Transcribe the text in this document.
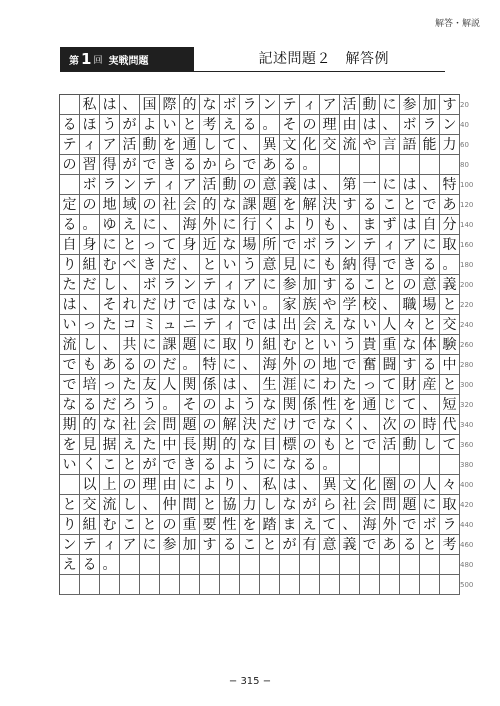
解答・解説
第 1 回 実戦問題	記述問題２　解答例
私 は 、 国 際 的 な ボ ラ ン テ ィ ア 活 動 に 参 加 す
る ほ う が よ い と 考 え る 。 そ の 理 由 は 、 ボ ラ ン
テ ィ ア 活 動 を 通 し て 、 異 文 化 交 流 や 言 語 能 力
の 習 得 が で き る か ら で あ る 。
ボ ラ ン テ ィ ア 活 動 の 意 義 は 、 第 一 に は 、 特
定 の 地 域 の 社 会 的 な 課 題 を 解 決 す る こ と で あ
る 。 ゆ え に 、 海 外 に 行 く よ り も 、 ま ず は 自 分
自 身 に と っ て 身 近 な 場 所 で ボ ラ ン テ ィ ア に 取
り 組 む べ き だ 、 と い う 意 見 に も 納 得 で き る 。
た だ し 、 ボ ラ ン テ ィ ア に 参 加 す る こ と の 意 義
は 、 そ れ だ け で は な い 。 家 族 や 学 校 、 職 場 と
い っ た コ ミ ュ ニ テ ィ で は 出 会 え な い 人 々 と 交
流 し 、 共 に 課 題 に 取 り 組 む と い う 貴 重 な 体 験
で も あ る の だ 。 特 に 、 海 外 の 地 で 奮 闘 す る 中
で 培 っ た 友 人 関 係 は 、 生 涯 に わ た っ て 財 産 と
な る だ ろ う 。 そ の よ う な 関 係 性 を 通 じ て 、 短
期 的 な 社 会 問 題 の 解 決 だ け で な く 、 次 の 時 代
を 見 据 え た 中 長 期 的 な 目 標 の も と で 活 動 し て
い く こ と が で き る よ う に な る 。
以 上 の 理 由 に よ り 、 私 は 、 異 文 化 圏 の 人 々
と 交 流 し 、 仲 間 と 協 力 し な が ら 社 会 問 題 に 取
り 組 む こ と の 重 要 性 を 踏 ま え て 、 海 外 で ボ ラ
ン テ ィ ア に 参 加 す る こ と が 有 意 義 で あ る と 考
え る 。
20
40
60
80
100
120
140
160
180
200
220
240
260
280
300
320
340
360
380
400
420
440
460
480
500
− 315 −
